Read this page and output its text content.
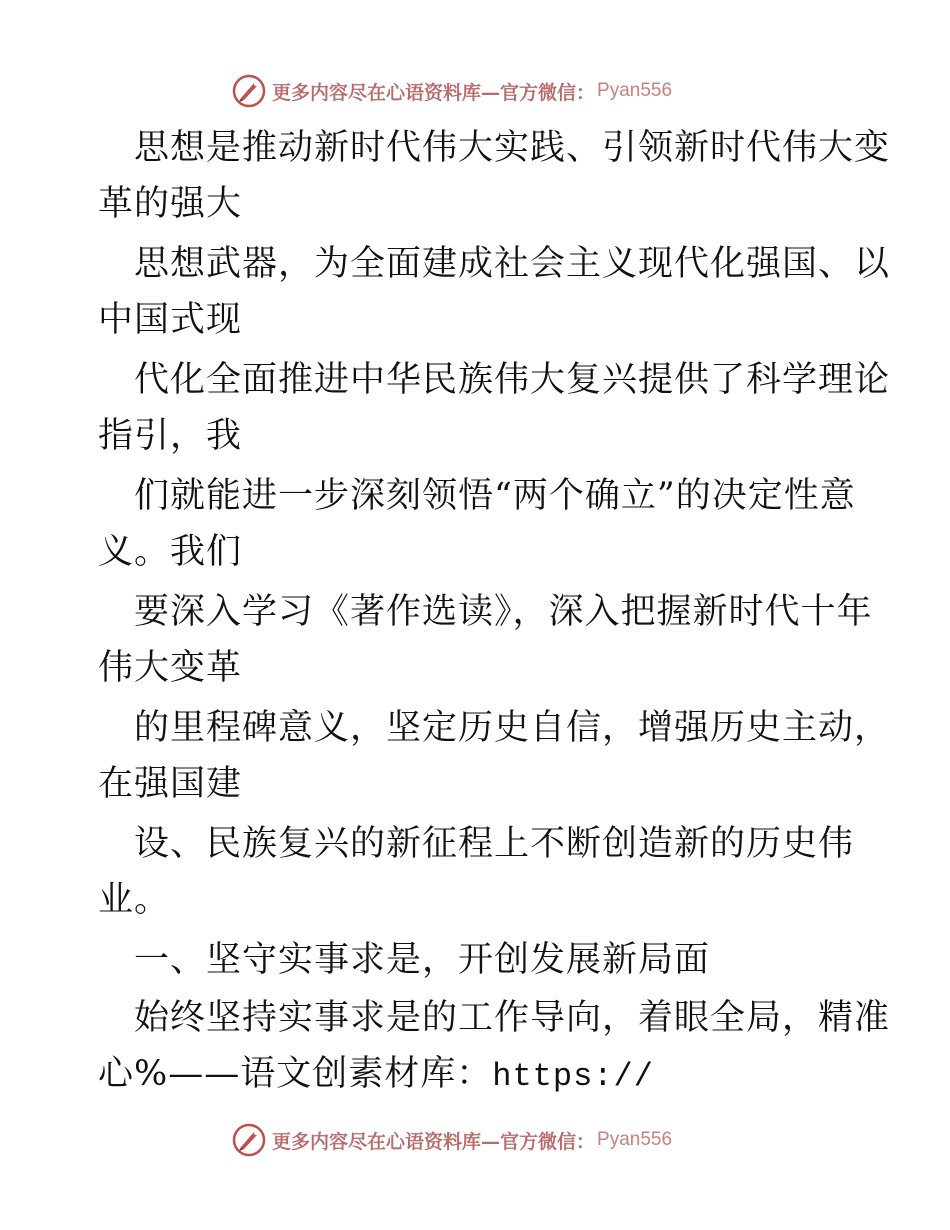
更多内容尽在心语资料库—官方微信： Pyan556
思想是推动新时代伟大实践、引领新时代伟大变
革的强大
思想武器，为全面建成社会主义现代化强国、以
中国式现
代化全面推进中华民族伟大复兴提供了科学理论
指引，我
们就能进一步深刻领悟“两个确立”的决定性意
义。我们
要深入学习《著作选读》，深入把握新时代十年
伟大变革
的里程碑意义，坚定历史自信，增强历史主动，
在强国建
设、民族复兴的新征程上不断创造新的历史伟
业。
一、坚守实事求是，开创发展新局面
始终坚持实事求是的工作导向，着眼全局，精准
心%——语文创素材库：https://
更多内容尽在心语资料库—官方微信： Pyan556
